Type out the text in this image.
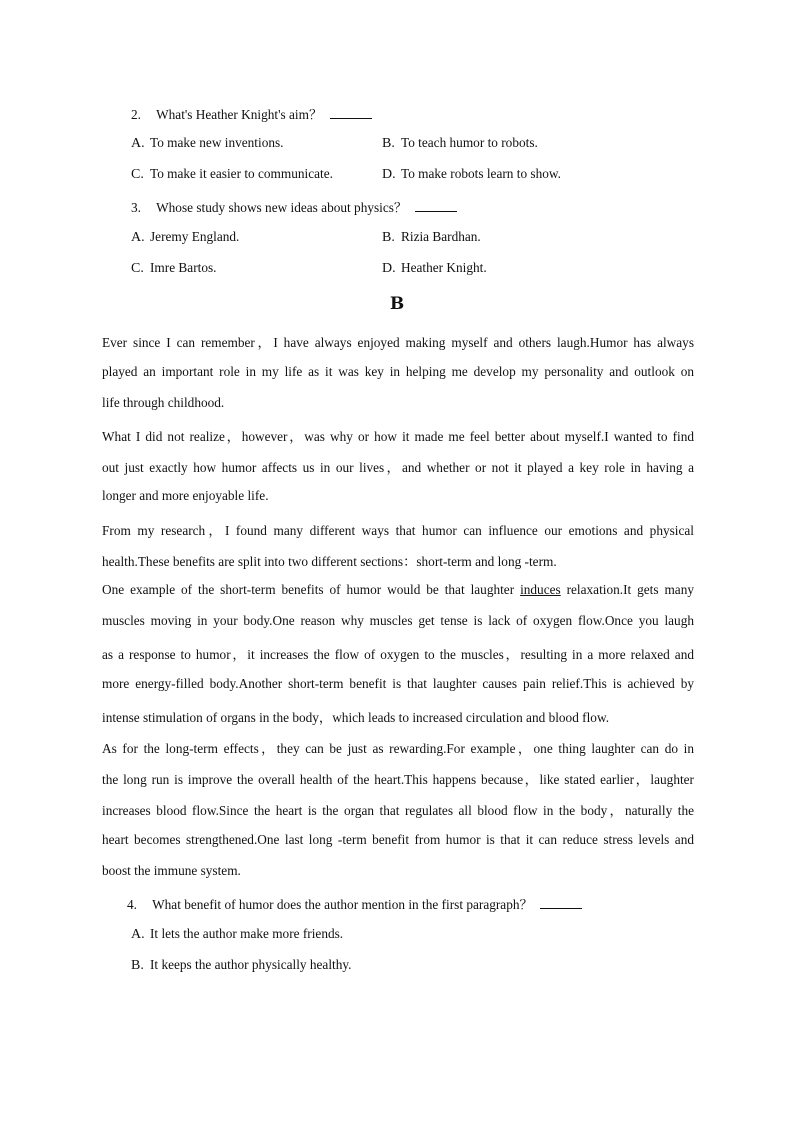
2. What's Heather Knight's aim？
A. To make new inventions.	B. To teach humor to robots.
C. To make it easier to communicate.	D. To make robots learn to show.
3. Whose study shows new ideas about physics？
A. Jeremy England.	B. Rizia Bardhan.
C. Imre Bartos.	D. Heather Knight.
B
Ever since I can remember，I have always enjoyed making myself and others laugh.Humor has always
played an important role in my life as it was key in helping me develop my personality and outlook on
life through childhood.
What I did not realize，however，was why or how it made me feel better about myself.I wanted to find
out just exactly how humor affects us in our lives，and whether or not it played a key role in having a
longer and more enjoyable life.
From my research，I found many different ways that humor can influence our emotions and physical
health.These benefits are split into two different sections：short-term and long -term.
One example of the short-term benefits of humor would be that laughter induces relaxation.It gets many
muscles moving in your body.One reason why muscles get tense is lack of oxygen flow.Once you laugh
as a response to humor，it increases the flow of oxygen to the muscles，resulting in a more relaxed and
more energy-filled body.Another short-term benefit is that laughter causes pain relief.This is achieved by
intense stimulation of organs in the body，which leads to increased circulation and blood flow.
As for the long-term effects，they can be just as rewarding.For example，one thing laughter can do in
the long run is improve the overall health of the heart.This happens because，like stated earlier，laughter
increases blood flow.Since the heart is the organ that regulates all blood flow in the body，naturally the
heart becomes strengthened.One last long -term benefit from humor is that it can reduce stress levels and
boost the immune system.
4. What benefit of humor does the author mention in the first paragraph？
A. It lets the author make more friends.
B. It keeps the author physically healthy.
